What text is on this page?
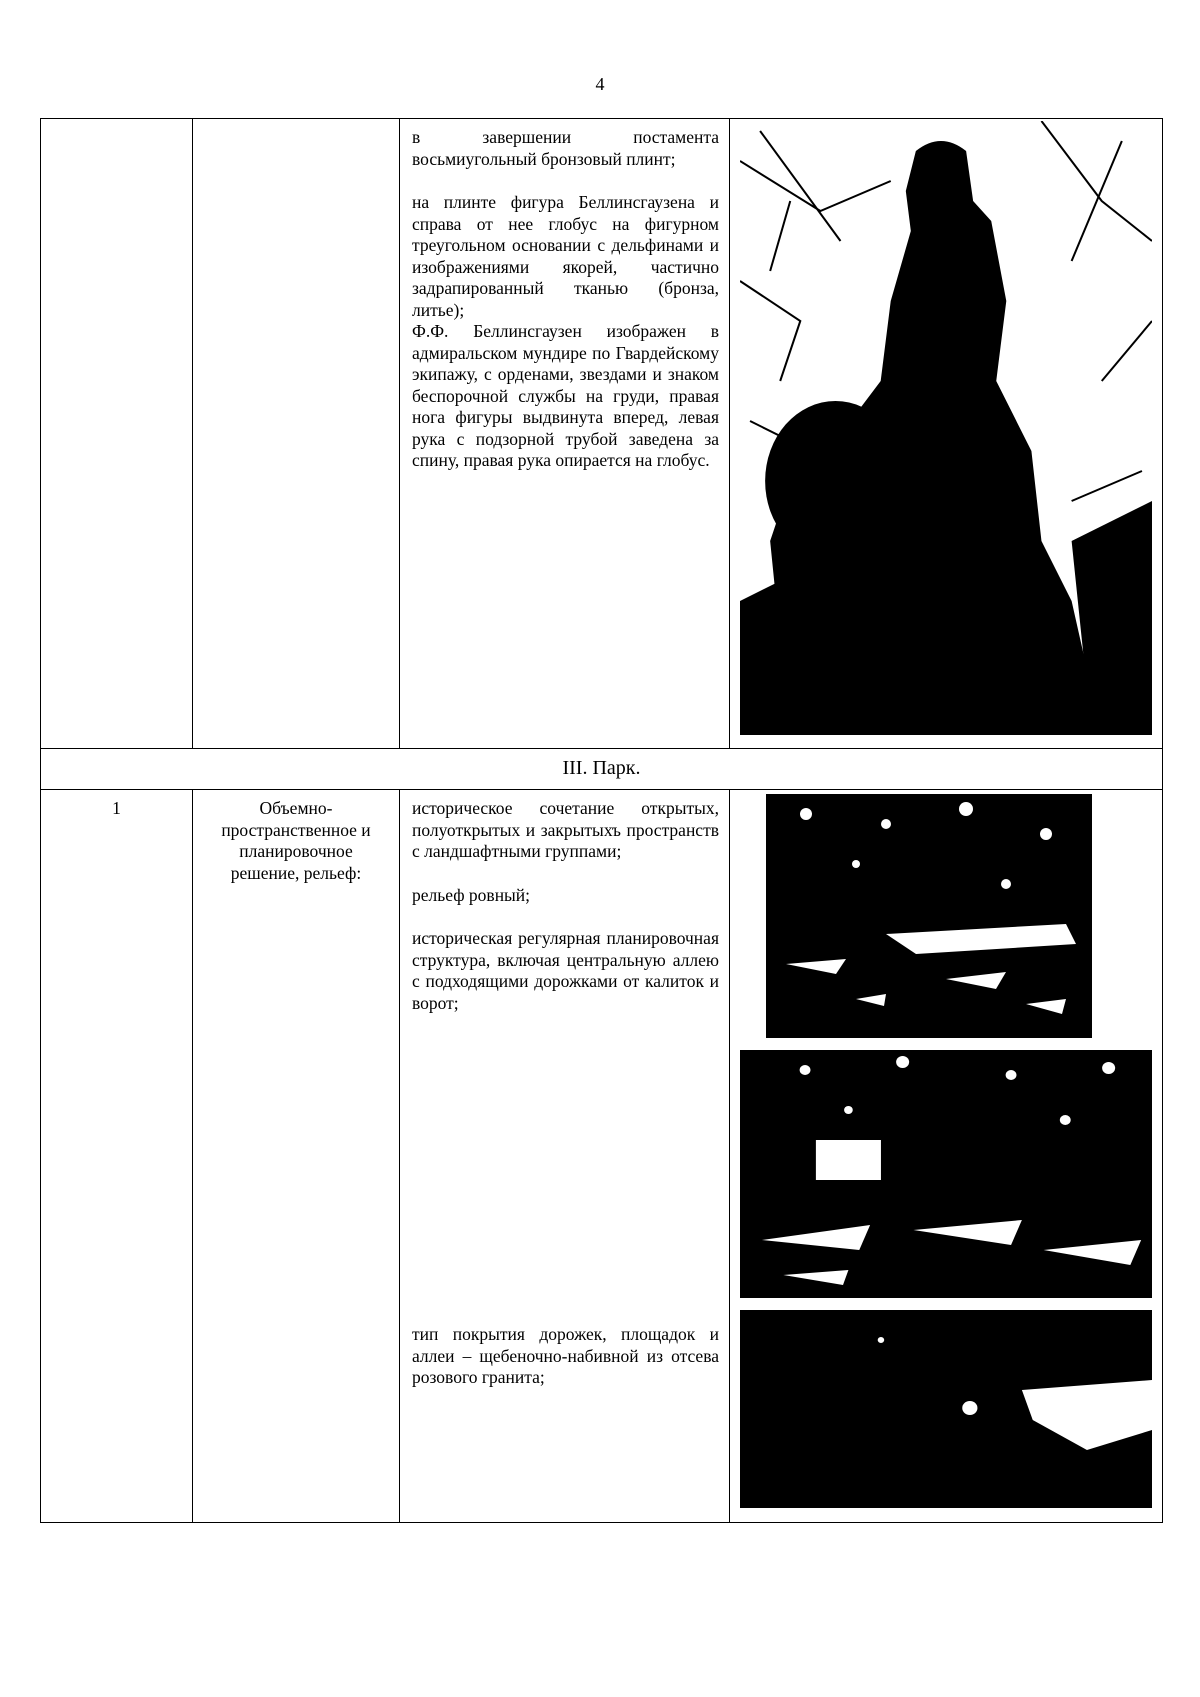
4

		в завершении постамента восьмиугольный бронзовый плинт;

на плинте фигура Беллинсгаузена и справа от нее глобус на фигурном треугольном основании с дельфинами и изображениями якорей, частично задрапированный тканью (бронза, литье);

Ф.Ф. Беллинсгаузен изображен в адмиральском мундире по Гвардейскому экипажу, с орденами, звездами и знаком беспорочной службы на груди, правая нога фигуры выдвинута вперед, левая рука с подзорной трубой заведена за спину, правая рука опирается на глобус.

III. Парк.			
1	Объемно-пространственное и планировочное решение, рельеф:	историческое сочетание открытых, полуоткрытых и закрытыхъ пространств с ландшафтными группами;

рельеф ровный;

историческая регулярная планировочная структура, включая центральную аллею с подходящими дорожками от калиток и ворот;

тип покрытия дорожек, площадок и аллеи – щебеночно-набивной из отсева розового гранита;
